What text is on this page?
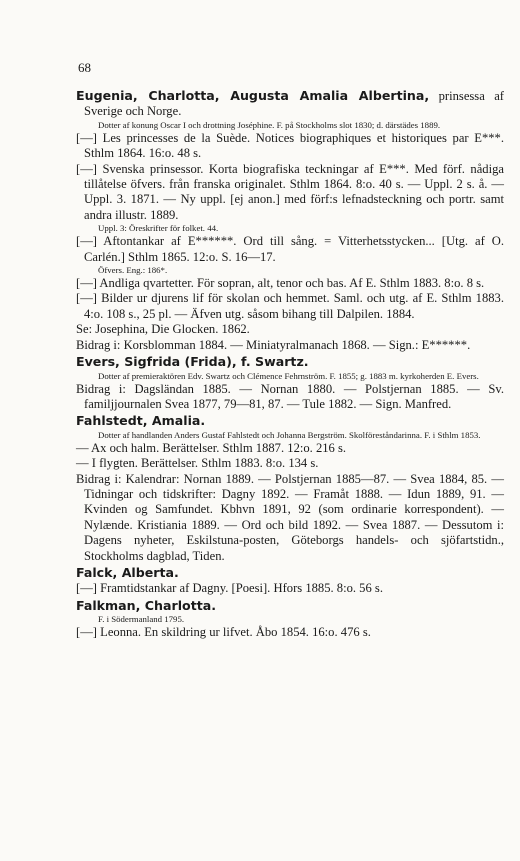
68

Eugenia, Charlotta, Augusta Amalia Albertina, prinsessa af Sverige och Norge.

Dotter af konung Oscar I och drottning Joséphine. F. på Stockholms slot 1830; d. därstädes 1889.

[—] Les princesses de la Suède. Notices biographiques et historiques par E***. Sthlm 1864. 16:o. 48 s.

[—] Svenska prinsessor. Korta biografiska teckningar af E***. Med förf. nådiga tillåtelse öfvers. från franska originalet. Sthlm 1864. 8:o. 40 s. — Uppl. 2 s. å. — Uppl. 3. 1871. — Ny uppl. [ej anon.] med förf:s lefnadsteckning och portr. samt andra illustr. 1889.

Uppl. 3: Öreskrifter för folket. 44.

[—] Aftontankar af E******. Ord till sång. = Vitterhetsstycken... [Utg. af O. Carlén.] Sthlm 1865. 12:o. S. 16—17.

Öfvers. Eng.: 186*.

[—] Andliga qvartetter. För sopran, alt, tenor och bas. Af E. Sthlm 1883. 8:o. 8 s.

[—] Bilder ur djurens lif för skolan och hemmet. Saml. och utg. af E. Sthlm 1883. 4:o. 108 s., 25 pl. — Äfven utg. såsom bihang till Dalpilen. 1884.

Se: Josephina, Die Glocken. 1862.

Bidrag i: Korsblomman 1884. — Miniatyralmanach 1868. — Sign.: E******.

Evers, Sigfrida (Frida), f. Swartz.

Dotter af premieraktören Edv. Swartz och Clémence Fehrnström. F. 1855; g. 1883 m. kyrkoherden E. Evers.

Bidrag i: Dagsländan 1885. — Nornan 1880. — Polstjernan 1885. — Sv. familjjournalen Svea 1877, 79—81, 87. — Tule 1882. — Sign. Manfred.

Fahlstedt, Amalia.

Dotter af handlanden Anders Gustaf Fahlstedt och Johanna Bergström. Skolföreståndarinna. F. i Sthlm 1853.

— Ax och halm. Berättelser. Sthlm 1887. 12:o. 216 s.

— I flygten. Berättelser. Sthlm 1883. 8:o. 134 s.

Bidrag i: Kalendrar: Nornan 1889. — Polstjernan 1885—87. — Svea 1884, 85. — Tidningar och tidskrifter: Dagny 1892. — Framåt 1888. — Idun 1889, 91. — Kvinden og Samfundet. Kbhvn 1891, 92 (som ordinarie korrespondent). — Nylænde. Kristiania 1889. — Ord och bild 1892. — Svea 1887. — Dessutom i: Dagens nyheter, Eskilstuna-posten, Göteborgs handels- och sjöfartstidn., Stockholms dagblad, Tiden.

Falck, Alberta.

[—] Framtidstankar af Dagny. [Poesi]. Hfors 1885. 8:o. 56 s.

Falkman, Charlotta.

F. i Södermanland 1795.

[—] Leonna. En skildring ur lifvet. Åbo 1854. 16:o. 476 s.
